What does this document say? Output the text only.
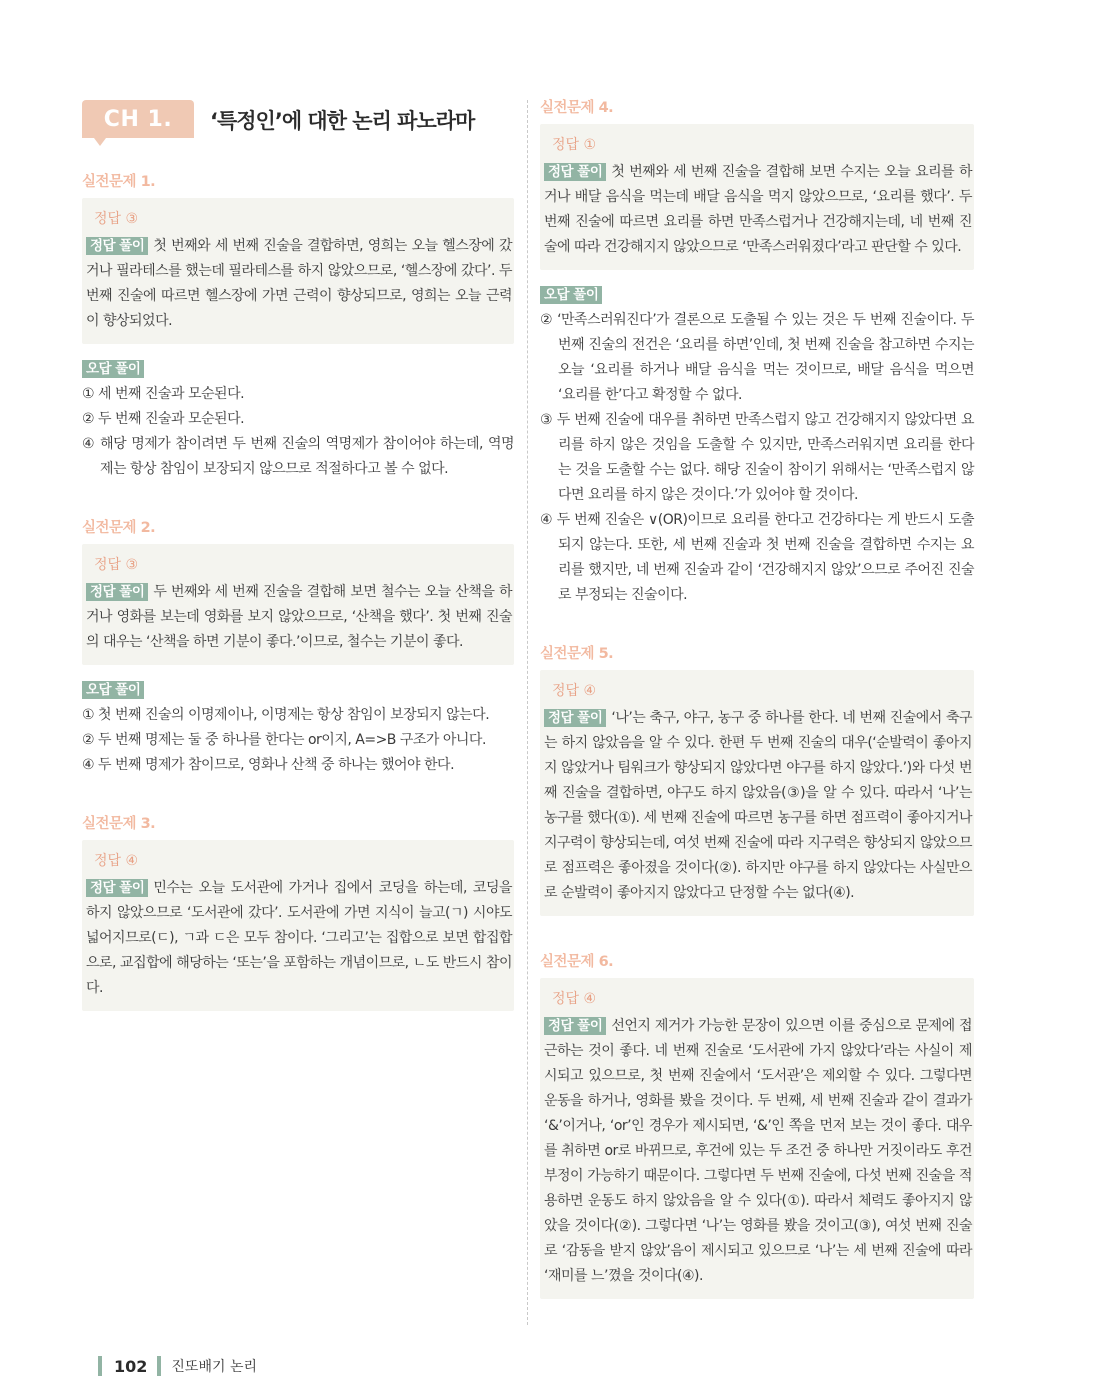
CH 1.	‘특정인’에 대한 논리 파노라마
실전문제 1.
정답 ③
정답 풀이 첫 번째와 세 번째 진술을 결합하면, 영희는 오늘 헬스장에 갔거나 필라테스를 했는데 필라테스를 하지 않았으므로, ‘헬스장에 갔다’. 두 번째 진술에 따르면 헬스장에 가면 근력이 향상되므로, 영희는 오늘 근력이 향상되었다.
오답 풀이
① 세 번째 진술과 모순된다.
② 두 번째 진술과 모순된다.
④ 해당 명제가 참이려면 두 번째 진술의 역명제가 참이어야 하는데, 역명제는 항상 참임이 보장되지 않으므로 적절하다고 볼 수 없다.
실전문제 2.
정답 ③
정답 풀이 두 번째와 세 번째 진술을 결합해 보면 철수는 오늘 산책을 하거나 영화를 보는데 영화를 보지 않았으므로, ‘산책을 했다’. 첫 번째 진술의 대우는 ‘산책을 하면 기분이 좋다.’이므로, 철수는 기분이 좋다.
오답 풀이
① 첫 번째 진술의 이명제이나, 이명제는 항상 참임이 보장되지 않는다.
② 두 번째 명제는 둘 중 하나를 한다는 or이지, A=>B 구조가 아니다.
④ 두 번째 명제가 참이므로, 영화나 산책 중 하나는 했어야 한다.
실전문제 3.
정답 ④
정답 풀이 민수는 오늘 도서관에 가거나 집에서 코딩을 하는데, 코딩을 하지 않았으므로 ‘도서관에 갔다’. 도서관에 가면 지식이 늘고(ㄱ) 시야도 넓어지므로(ㄷ), ㄱ과 ㄷ은 모두 참이다. ‘그리고’는 집합으로 보면 합집합으로, 교집합에 해당하는 ‘또는’을 포함하는 개념이므로, ㄴ도 반드시 참이다.
실전문제 4.
정답 ①
정답 풀이 첫 번째와 세 번째 진술을 결합해 보면 수지는 오늘 요리를 하거나 배달 음식을 먹는데 배달 음식을 먹지 않았으므로, ‘요리를 했다’. 두 번째 진술에 따르면 요리를 하면 만족스럽거나 건강해지는데, 네 번째 진술에 따라 건강해지지 않았으므로 ‘만족스러워졌다’라고 판단할 수 있다.
오답 풀이
② ‘만족스러워진다’가 결론으로 도출될 수 있는 것은 두 번째 진술이다. 두 번째 진술의 전건은 ‘요리를 하면’인데, 첫 번째 진술을 참고하면 수지는 오늘 ‘요리를 하거나 배달 음식을 먹는 것이므로, 배달 음식을 먹으면 ‘요리를 한’다고 확정할 수 없다.
③ 두 번째 진술에 대우를 취하면 만족스럽지 않고 건강해지지 않았다면 요리를 하지 않은 것임을 도출할 수 있지만, 만족스러워지면 요리를 한다는 것을 도출할 수는 없다. 해당 진술이 참이기 위해서는 ‘만족스럽지 않다면 요리를 하지 않은 것이다.’가 있어야 할 것이다.
④ 두 번째 진술은 ∨(OR)이므로 요리를 한다고 건강하다는 게 반드시 도출되지 않는다. 또한, 세 번째 진술과 첫 번째 진술을 결합하면 수지는 요리를 했지만, 네 번째 진술과 같이 ‘건강해지지 않았’으므로 주어진 진술로 부정되는 진술이다.
실전문제 5.
정답 ④
정답 풀이 ‘나’는 축구, 야구, 농구 중 하나를 한다. 네 번째 진술에서 축구는 하지 않았음을 알 수 있다. 한편 두 번째 진술의 대우(‘순발력이 좋아지지 않았거나 팀워크가 향상되지 않았다면 야구를 하지 않았다.’)와 다섯 번째 진술을 결합하면, 야구도 하지 않았음(③)을 알 수 있다. 따라서 ‘나’는 농구를 했다(①). 세 번째 진술에 따르면 농구를 하면 점프력이 좋아지거나 지구력이 향상되는데, 여섯 번째 진술에 따라 지구력은 향상되지 않았으므로 점프력은 좋아졌을 것이다(②). 하지만 야구를 하지 않았다는 사실만으로 순발력이 좋아지지 않았다고 단정할 수는 없다(④).
실전문제 6.
정답 ④
정답 풀이 선언지 제거가 가능한 문장이 있으면 이를 중심으로 문제에 접근하는 것이 좋다. 네 번째 진술로 ‘도서관에 가지 않았다’라는 사실이 제시되고 있으므로, 첫 번째 진술에서 ‘도서관’은 제외할 수 있다. 그렇다면 운동을 하거나, 영화를 봤을 것이다. 두 번째, 세 번째 진술과 같이 결과가 ‘&’이거나, ‘or’인 경우가 제시되면, ‘&’인 쪽을 먼저 보는 것이 좋다. 대우를 취하면 or로 바뀌므로, 후건에 있는 두 조건 중 하나만 거짓이라도 후건 부정이 가능하기 때문이다. 그렇다면 두 번째 진술에, 다섯 번째 진술을 적용하면 운동도 하지 않았음을 알 수 있다(①). 따라서 체력도 좋아지지 않았을 것이다(②). 그렇다면 ‘나’는 영화를 봤을 것이고(③), 여섯 번째 진술로 ‘감동을 받지 않았’음이 제시되고 있으므로 ‘나’는 세 번째 진술에 따라 ‘재미를 느’꼈을 것이다(④).
102 진또배기 논리
